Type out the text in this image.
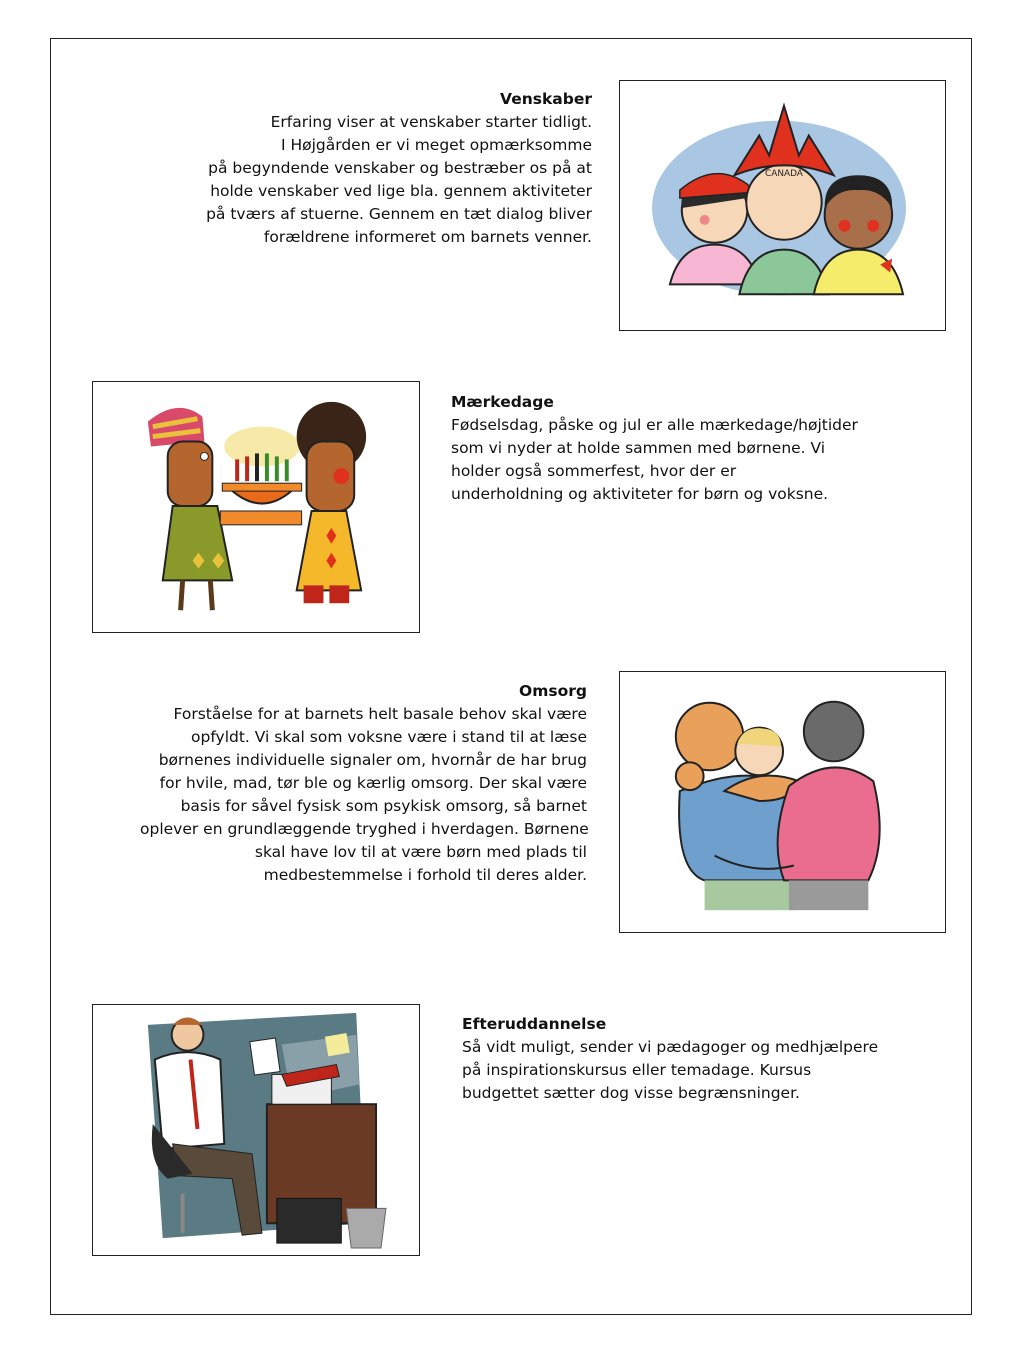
Venskaber
Erfaring viser at venskaber starter tidligt.
I Højgården er vi meget opmærksomme
på begyndende venskaber og bestræber os på at
holde venskaber ved lige bla. gennem aktiviteter
på tværs af stuerne. Gennem en tæt dialog bliver
forældrene informeret om barnets venner.
CANADA
Mærkedage
Fødselsdag, påske og jul er alle mærkedage/højtider
som vi nyder at holde sammen med børnene. Vi
holder også sommerfest, hvor der er
underholdning og aktiviteter for børn og voksne.
Omsorg
Forståelse for at barnets helt basale behov skal være
opfyldt. Vi skal som voksne være i stand til at læse
børnenes individuelle signaler om, hvornår de har brug
for hvile, mad, tør ble og kærlig omsorg. Der skal være
basis for såvel fysisk som psykisk omsorg, så barnet
oplever en grundlæggende tryghed i hverdagen. Børnene
skal have lov til at være børn med plads til
medbestemmelse i forhold til deres alder.
Efteruddannelse
Så vidt muligt, sender vi pædagoger og medhjælpere
på inspirationskursus eller temadage. Kursus
budgettet sætter dog visse begrænsninger.
